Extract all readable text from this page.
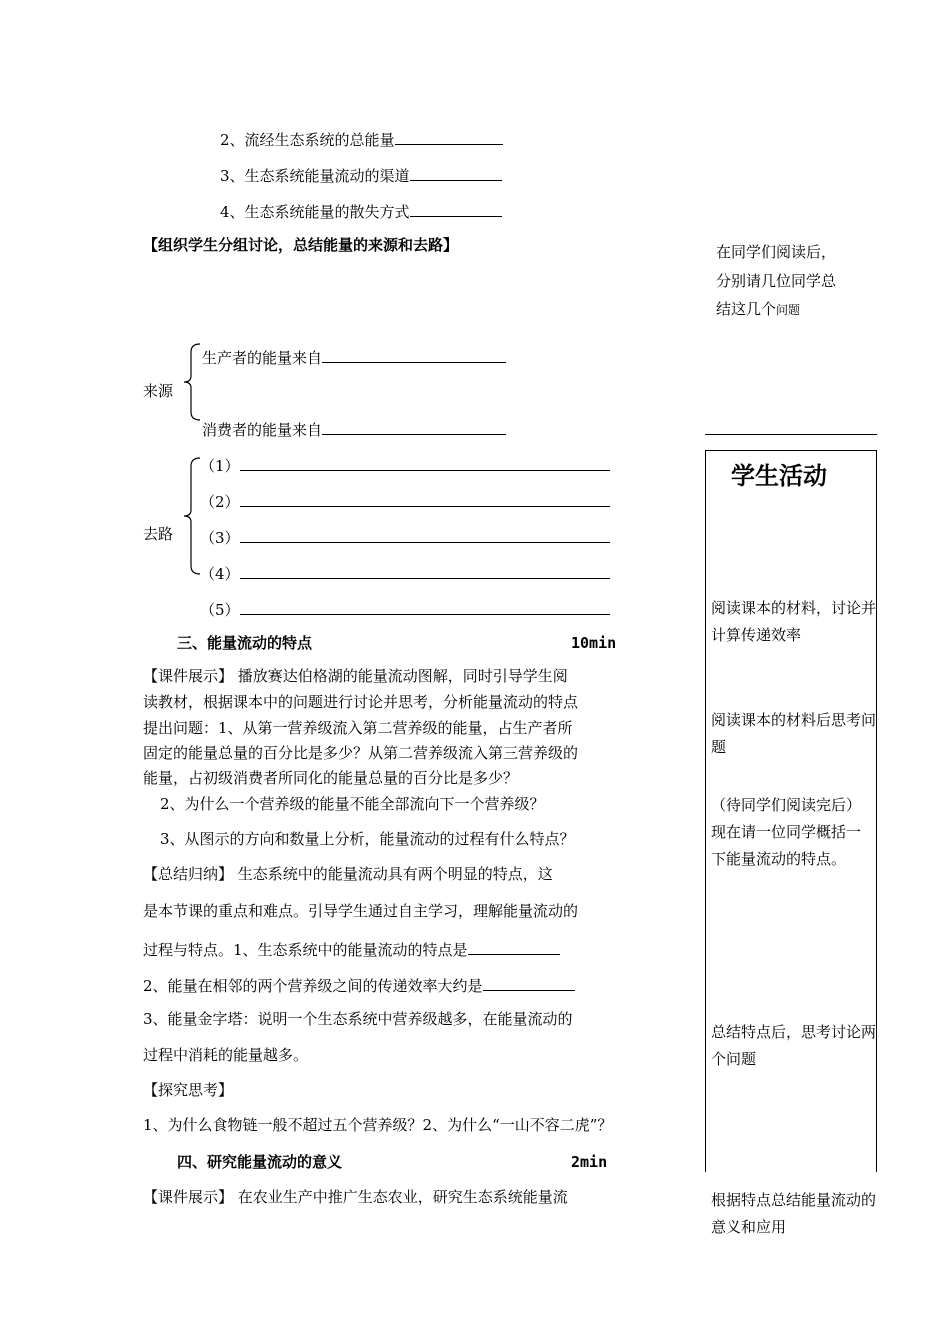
2、流经生态系统的总能量
3、生态系统能量流动的渠道
4、生态系统能量的散失方式
【组织学生分组讨论，总结能量的来源和去路】
来源
生产者的能量来自
消费者的能量来自
去路
（1）
（2）
（3）
（4）
（5）
三、能量流动的特点	10min
【课件展示】 播放赛达伯格湖的能量流动图解，同时引导学生阅
读教材，根据课本中的问题进行讨论并思考，分析能量流动的特点
提出问题：1、从第一营养级流入第二营养级的能量，占生产者所
固定的能量总量的百分比是多少？从第二营养级流入第三营养级的
能量，占初级消费者所同化的能量总量的百分比是多少？
2、为什么一个营养级的能量不能全部流向下一个营养级？
3、从图示的方向和数量上分析，能量流动的过程有什么特点？
【总结归纳】 生态系统中的能量流动具有两个明显的特点，这
是本节课的重点和难点。引导学生通过自主学习，理解能量流动的
过程与特点。1、生态系统中的能量流动的特点是
2、能量在相邻的两个营养级之间的传递效率大约是
3、能量金字塔：说明一个生态系统中营养级越多，在能量流动的
过程中消耗的能量越多。
【探究思考】
1、为什么食物链一般不超过五个营养级？2、为什么“一山不容二虎”？
四、研究能量流动的意义	2min
【课件展示】 在农业生产中推广生态农业，研究生态系统能量流
在同学们阅读后，
分别请几位同学总
结这几个问题
学生活动
阅读课本的材料，讨论并计算传递效率
阅读课本的材料后思考问题
（待同学们阅读完后）现在请一位同学概括一下能量流动的特点。
总结特点后，思考讨论两个问题
根据特点总结能量流动的意义和应用
